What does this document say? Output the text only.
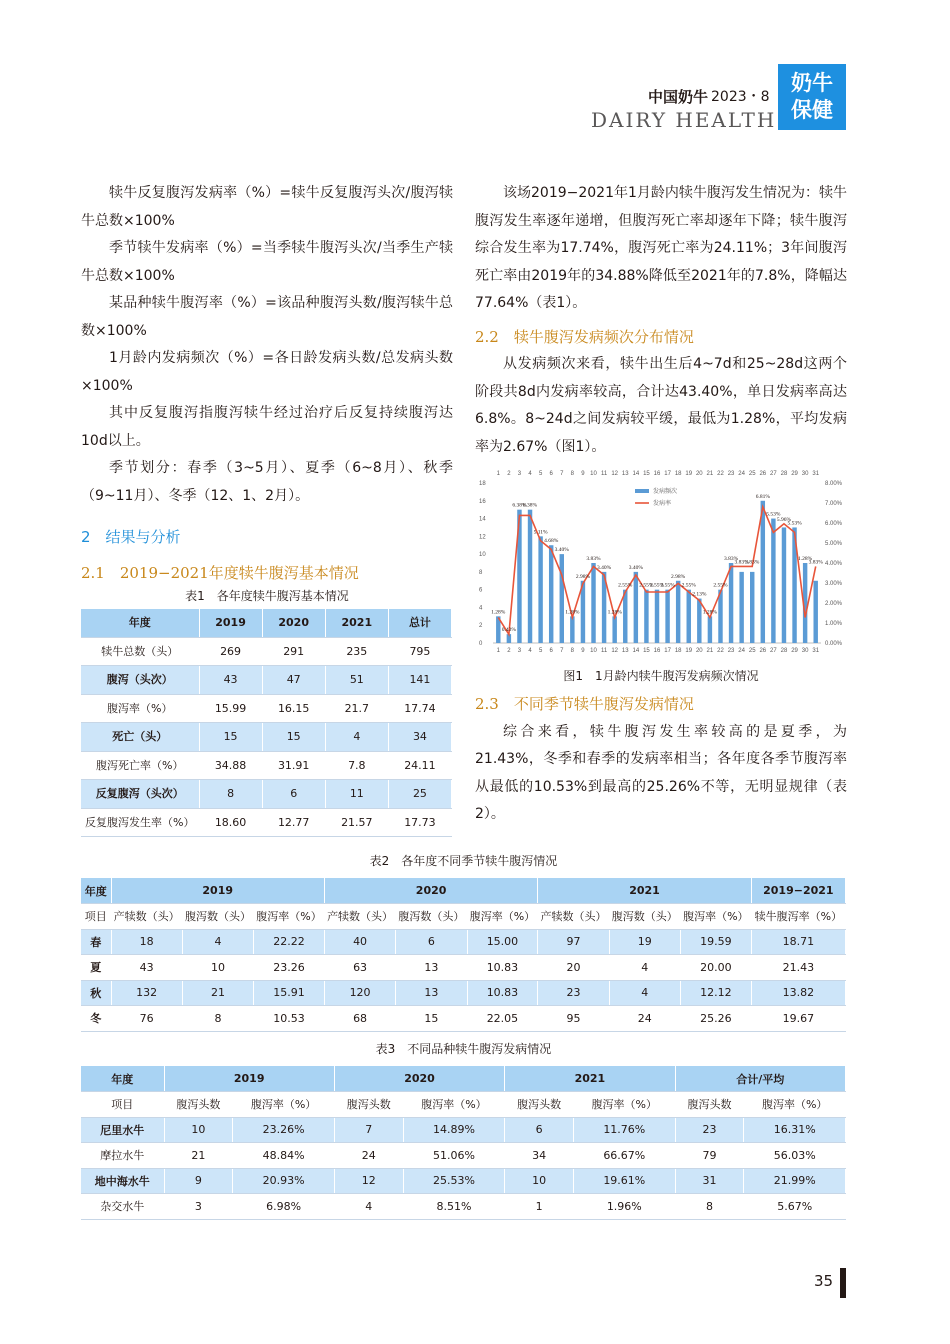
中国奶牛 2023・8
DAIRY HEALTH
奶牛保健

犊牛反复腹泻发病率（%）=犊牛反复腹泻头次/腹泻犊牛总数×100%

季节犊牛发病率（%）=当季犊牛腹泻头次/当季生产犊牛总数×100%

某品种犊牛腹泻率（%）=该品种腹泻头数/腹泻犊牛总数×100%

1月龄内发病频次（%）=各日龄发病头数/总发病头数×100%

其中反复腹泻指腹泻犊牛经过治疗后反复持续腹泻达10d以上。

季节划分：春季（3~5月）、夏季（6~8月）、秋季（9~11月）、冬季（12、1、2月）。

2　结果与分析
2.1　2019−2021年度犊牛腹泻基本情况
表1　各年度犊牛腹泻基本情况
年度	2019	2020	2021	总计
犊牛总数（头）	269	291	235	795
腹泻（头次）	43	47	51	141
腹泻率（%）	15.99	16.15	21.7	17.74
死亡（头）	15	15	4	34
腹泻死亡率（%）	34.88	31.91	7.8	24.11
反复腹泻（头次）	8	6	11	25
反复腹泻发生率（%）	18.60	12.77	21.57	17.73

该场2019−2021年1月龄内犊牛腹泻发生情况为：犊牛腹泻发生率逐年递增，但腹泻死亡率却逐年下降；犊牛腹泻综合发生率为17.74%，腹泻死亡率为24.11%；3年间腹泻死亡率由2019年的34.88%降低至2021年的7.8%，降幅达77.64%（表1）。

2.2　犊牛腹泻发病频次分布情况

从发病频次来看，犊牛出生后4~7d和25~28d这两个阶段共8d内发病率较高，合计达43.40%，单日发病率高达6.8%。8~24d之间发病较平缓，最低为1.28%，平均发病率为2.67%（图1）。

0
2
4
6
8
10
12
14
16
18
0.00%
1.00%
2.00%
3.00%
4.00%
5.00%
6.00%
7.00%
8.00%
1.28%
0.43%
6.38%
6.38%
5.11%
4.68%
3.40%
1.28%
2.98%
3.83%
3.40%
1.28%
2.55%
3.40%
2.55%
2.55%
2.55%
2.98%
2.55%
2.13%
1.28%
2.55%
3.83%
3.83%
3.83%
6.81%
5.53%
5.96%
5.53%
1.28%
3.83%
1
1
2
2
3
3
4
4
5
5
6
6
7
7
8
8
9
9
10
10
11
11
12
12
13
13
14
14
15
15
16
16
17
17
18
18
19
19
20
20
21
21
22
22
23
23
24
24
25
25
26
26
27
27
28
28
29
29
30
30
31
31
发病频次
发病率
图1　1月龄内犊牛腹泻发病频次情况
2.3　不同季节犊牛腹泻发病情况

综合来看，犊牛腹泻发生率较高的是夏季，为21.43%，冬季和春季的发病率相当；各年度各季节腹泻率从最低的10.53%到最高的25.26%不等，无明显规律（表2）。

表2　各年度不同季节犊牛腹泻情况
年度	2019			2020			2021			2019−2021
项目	产犊数（头）	腹泻数（头）	腹泻率（%）	产犊数（头）	腹泻数（头）	腹泻率（%）	产犊数（头）	腹泻数（头）	腹泻率（%）	犊牛腹泻率（%）
春	18	4	22.22	40	6	15.00	97	19	19.59	18.71
夏	43	10	23.26	63	13	10.83	20	4	20.00	21.43
秋	132	21	15.91	120	13	10.83	23	4	12.12	13.82
冬	76	8	10.53	68	15	22.05	95	24	25.26	19.67
表3　不同品种犊牛腹泻发病情况
年度	2019		2020		2021		合计/平均	
项目	腹泻头数	腹泻率（%）	腹泻头数	腹泻率（%）	腹泻头数	腹泻率（%）	腹泻头数	腹泻率（%）
尼里水牛	10	23.26%	7	14.89%	6	11.76%	23	16.31%
摩拉水牛	21	48.84%	24	51.06%	34	66.67%	79	56.03%
地中海水牛	9	20.93%	12	25.53%	10	19.61%	31	21.99%
杂交水牛	3	6.98%	4	8.51%	1	1.96%	8	5.67%
35
